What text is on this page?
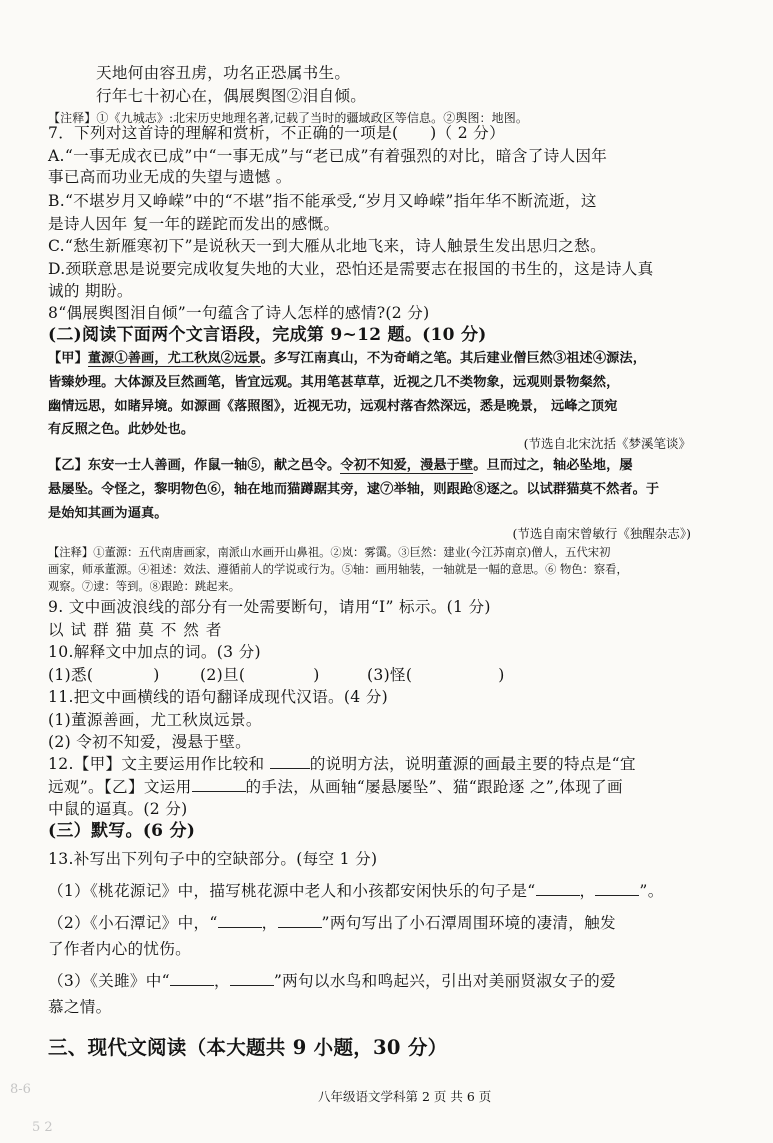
天地何由容丑虏，功名正恐属书生。
行年七十初心在，偶展舆图②泪自倾。
【注释】①《九城志》:北宋历史地理名著,记载了当时的疆域政区等信息。②舆图：地图。
7．下列对这首诗的理解和赏析，不正确的一项是(　　)（ 2 分）
A.“一事无成衣已成”中“一事无成”与“老已成”有着强烈的对比，暗含了诗人因年
事已高而功业无成的失望与遗憾 。
B.“不堪岁月又峥嵘”中的“不堪”指不能承受,“岁月又峥嵘”指年华不断流逝，这
是诗人因年 复一年的蹉跎而发出的感慨。
C.“愁生新雁寒初下”是说秋天一到大雁从北地飞来，诗人触景生发出思归之愁。
D.颈联意思是说要完成收复失地的大业，恐怕还是需要志在报国的书生的，这是诗人真
诚的 期盼。
8“偶展舆图泪自倾”一句蕴含了诗人怎样的感情?(2 分)
(二)阅读下面两个文言语段，完成第 9~12 题。(10 分)
【甲】董源①善画，尤工秋岚②远景。多写江南真山，不为奇峭之笔。其后建业僧巨然③祖述④源法，
皆臻妙理。大体源及巨然画笔，皆宜远观。其用笔甚草草，近视之几不类物象，远观则景物粲然，
幽情远思，如睹异境。如源画《落照图》，近视无功，远观村落杳然深远，悉是晚景， 远峰之顶宛
有反照之色。此妙处也。
(节选自北宋沈括《梦溪笔谈》
【乙】东安一士人善画，作鼠一轴⑤，献之邑令。令初不知爱，漫悬于壁。旦而过之，轴必坠地，屡
悬屡坠。令怪之，黎明物色⑥，轴在地而猫蹲踞其旁，逮⑦举轴，则跟跄⑧逐之。以试群猫莫不然者。于
是始知其画为逼真。
(节选自南宋曾敏行《独醒杂志》)
【注释】①董源：五代南唐画家，南派山水画开山鼻祖。②岚：雾霭。③巨然：建业(今江苏南京)僧人，五代宋初
画家，师承董源。④祖述：效法、遵循前人的学说或行为。⑤轴：画用轴装，一轴就是一幅的意思。⑥ 物色：察看，
观察。⑦逮：等到。⑧跟跄：跳起来。
9. 文中画波浪线的部分有一处需要断句，请用“I” 标示。(1 分)
以 试 群 猫 莫 不 然 者
10.解释文中加点的词。(3 分)
(1)悉(	)	(2)旦(	)	(3)怪(	)
11.把文中画横线的语句翻译成现代汉语。(4 分)
(1)董源善画，尤工秋岚远景。
(2) 令初不知爱，漫悬于壁。
12.【甲】文主要运用作比较和	的说明方法，说明董源的画最主要的特点是“宜
远观”。【乙】文运用	的手法，从画轴“屡悬屡坠”、猫“跟跄逐 之”,体现了画
中鼠的逼真。(2 分)
(三）默写。(6 分)
13.补写出下列句子中的空缺部分。(每空 1 分)
（1）《桃花源记》中，描写桃花源中老人和小孩都安闲快乐的句子是“	，	”。
（2）《小石潭记》中，“	，	”两句写出了小石潭周围环境的凄清，触发
了作者内心的忧伤。
（3）《关雎》中“	，	”两句以水鸟和鸣起兴，引出对美丽贤淑女子的爱
慕之情。
三、现代文阅读（本大题共 9 小题，30 分）
8-6
5 2
八年级语文学科第 2 页 共 6 页
